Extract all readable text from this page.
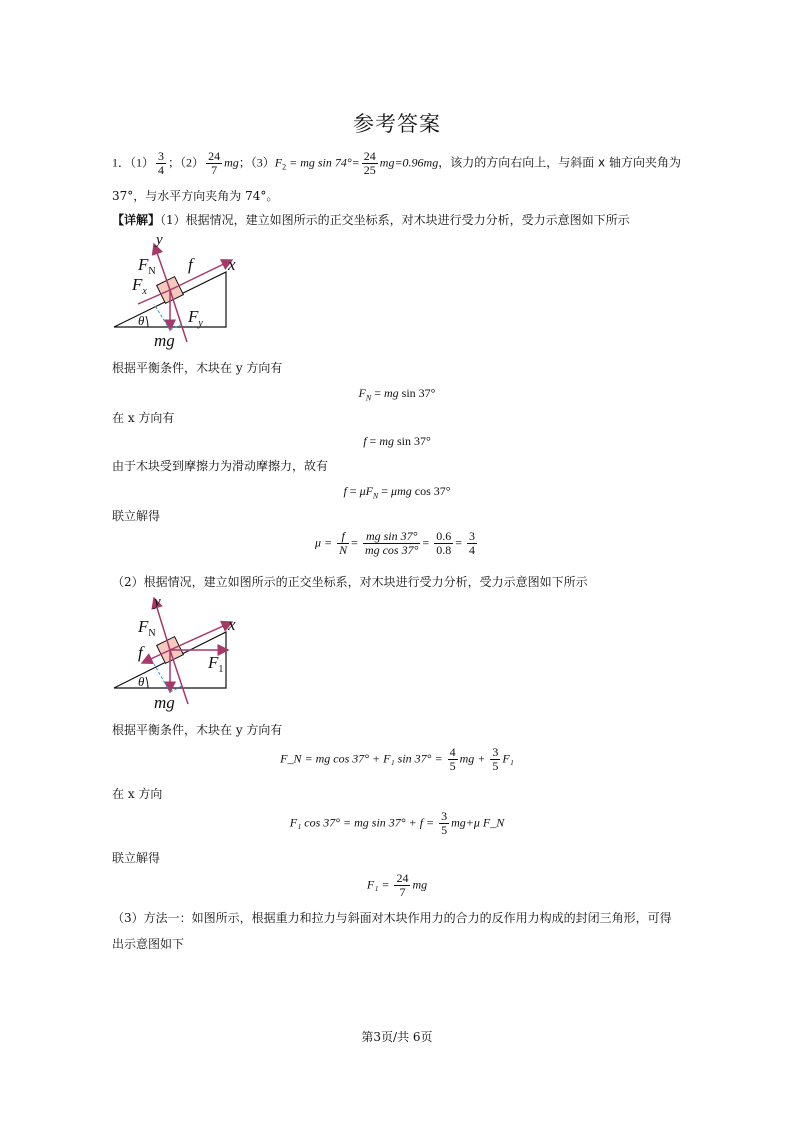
参考答案
1．$(1) \frac{3}{4}$ ；$(2) \frac{24}{7}$ mg；$(3)F_2$ = mg $\sin 74^\circ= \frac{24}{25} mg=0.96mg$，该力的方向右向上，与斜面 x 轴方向夹角为
37°，与水平方向夹角为 74°。
【详解】（1）根据情况，建立如图所示的正交坐标系，对木块进行受力分析，受力示意图如下所示
y
x
$F_N$ f
$F_x$
$F_y$
θ
mg
根据平衡条件，木块在 y 方向有
$F_N$ = mg sin 37°
在 x 方向有
f = mg sin 37°
由于木块受到摩擦力为滑动摩擦力，故有
$f = \mu F_N = \mu mg$ cos 37°
联立解得
$\mu = \frac{f}{N} = \frac{\text{mg sin 37°}}{\text{mg cos 37°}} = \frac{0.6}{0.8} = \frac{3}{4}$
（2）根据情况，建立如图所示的正交坐标系，对木块进行受力分析，受力示意图如下所示
y
x
$F_N$
f
$F_1$
θ
mg
根据平衡条件，木块在 y 方向有
F_N = mg cos 37° + F₁ $\sin 37^\circ = \frac{4}{5}$ mg + $\frac{3}{5} F_1$
在 x 方向
F₁ cos 37° = mg $\sin 37^\circ + f = \frac{3}{5} mg+\mu$ F_N
联立解得
$F_1 = \frac{24}{7}$ mg
（3）方法一：如图所示，根据重力和拉力与斜面对木块作用力的合力的反作用力构成的封闭三角形，可得
出示意图如下
第3页/共 6页
